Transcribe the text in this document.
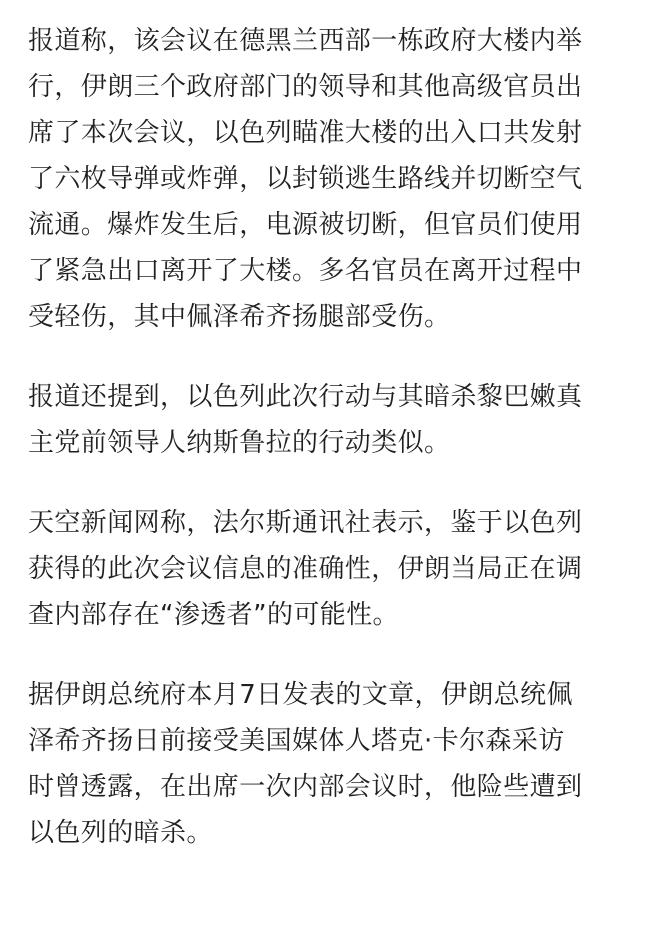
报道称，该会议在德黑兰西部一栋政府大楼内举
行，伊朗三个政府部门的领导和其他高级官员出
席了本次会议，以色列瞄准大楼的出入口共发射
了六枚导弹或炸弹，以封锁逃生路线并切断空气
流通。爆炸发生后，电源被切断，但官员们使用
了紧急出口离开了大楼。多名官员在离开过程中
受轻伤，其中佩泽希齐扬腿部受伤。

报道还提到，以色列此次行动与其暗杀黎巴嫩真
主党前领导人纳斯鲁拉的行动类似。

天空新闻网称，法尔斯通讯社表示，鉴于以色列
获得的此次会议信息的准确性，伊朗当局正在调
查内部存在“渗透者”的可能性。

据伊朗总统府本月7日发表的文章，伊朗总统佩
泽希齐扬日前接受美国媒体人塔克·卡尔森采访
时曾透露，在出席一次内部会议时，他险些遭到
以色列的暗杀。
